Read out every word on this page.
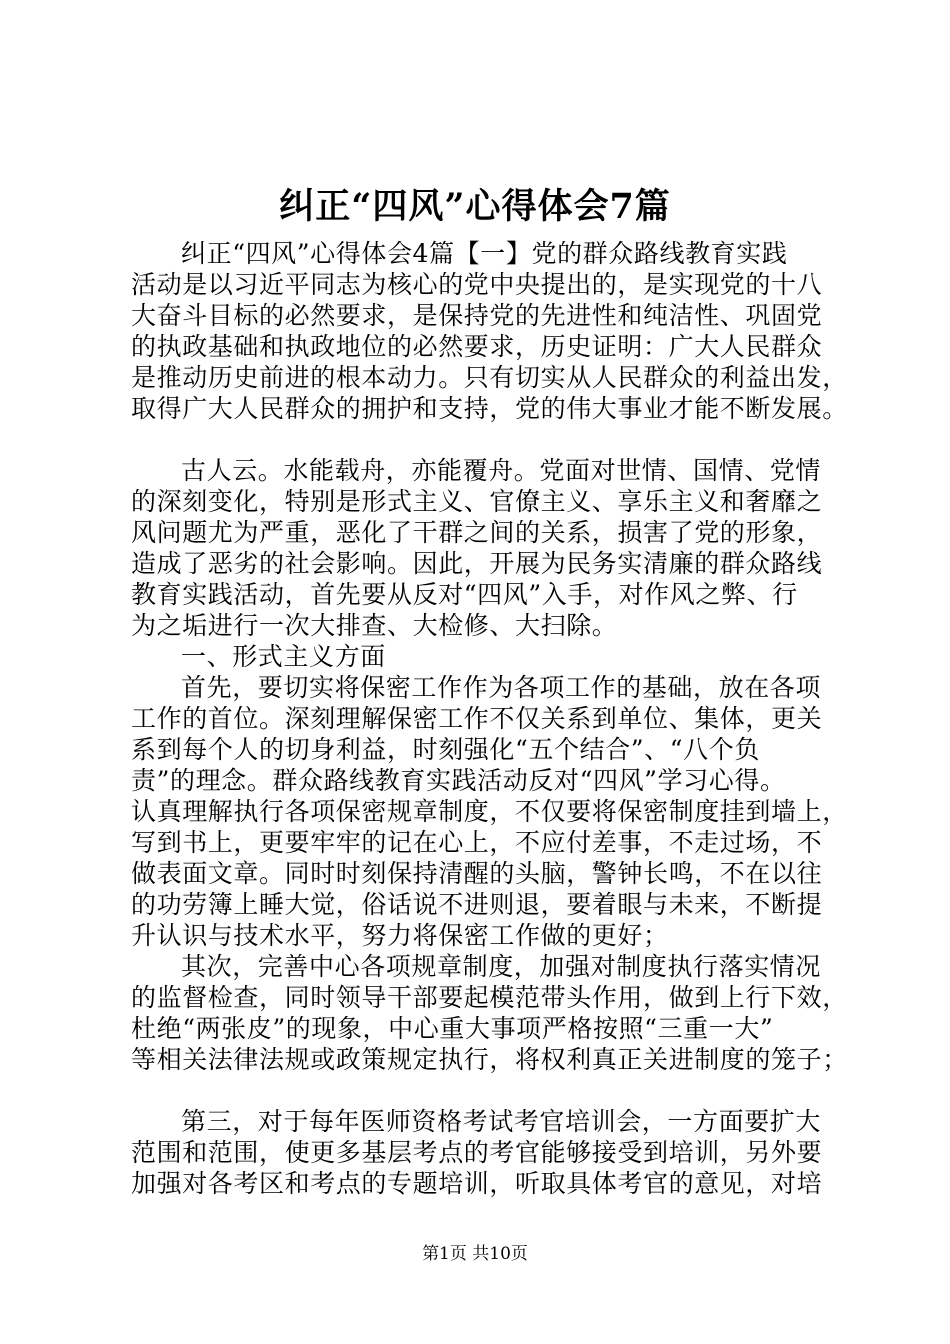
纠正“四风”心得体会7篇
纠正“四风”心得体会4篇【一】党的群众路线教育实践
活动是以习近平同志为核心的党中央提出的，是实现党的十八
大奋斗目标的必然要求，是保持党的先进性和纯洁性、巩固党
的执政基础和执政地位的必然要求，历史证明：广大人民群众
是推动历史前进的根本动力。只有切实从人民群众的利益出发，
取得广大人民群众的拥护和支持，党的伟大事业才能不断发展。
古人云。水能载舟，亦能覆舟。党面对世情、国情、党情
的深刻变化，特别是形式主义、官僚主义、享乐主义和奢靡之
风问题尤为严重，恶化了干群之间的关系，损害了党的形象，
造成了恶劣的社会影响。因此，开展为民务实清廉的群众路线
教育实践活动，首先要从反对“四风”入手，对作风之弊、行
为之垢进行一次大排查、大检修、大扫除。
一、形式主义方面
首先，要切实将保密工作作为各项工作的基础，放在各项
工作的首位。深刻理解保密工作不仅关系到单位、集体，更关
系到每个人的切身利益，时刻强化“五个结合”、“八个负
责”的理念。群众路线教育实践活动反对“四风”学习心得。
认真理解执行各项保密规章制度，不仅要将保密制度挂到墙上，
写到书上，更要牢牢的记在心上，不应付差事，不走过场，不
做表面文章。同时时刻保持清醒的头脑，警钟长鸣，不在以往
的功劳簿上睡大觉，俗话说不进则退，要着眼与未来，不断提
升认识与技术水平，努力将保密工作做的更好；
其次，完善中心各项规章制度，加强对制度执行落实情况
的监督检查，同时领导干部要起模范带头作用，做到上行下效，
杜绝“两张皮”的现象，中心重大事项严格按照“三重一大”
等相关法律法规或政策规定执行，将权利真正关进制度的笼子；
第三，对于每年医师资格考试考官培训会，一方面要扩大
范围和范围，使更多基层考点的考官能够接受到培训，另外要
加强对各考区和考点的专题培训，听取具体考官的意见，对培
第1页 共10页
